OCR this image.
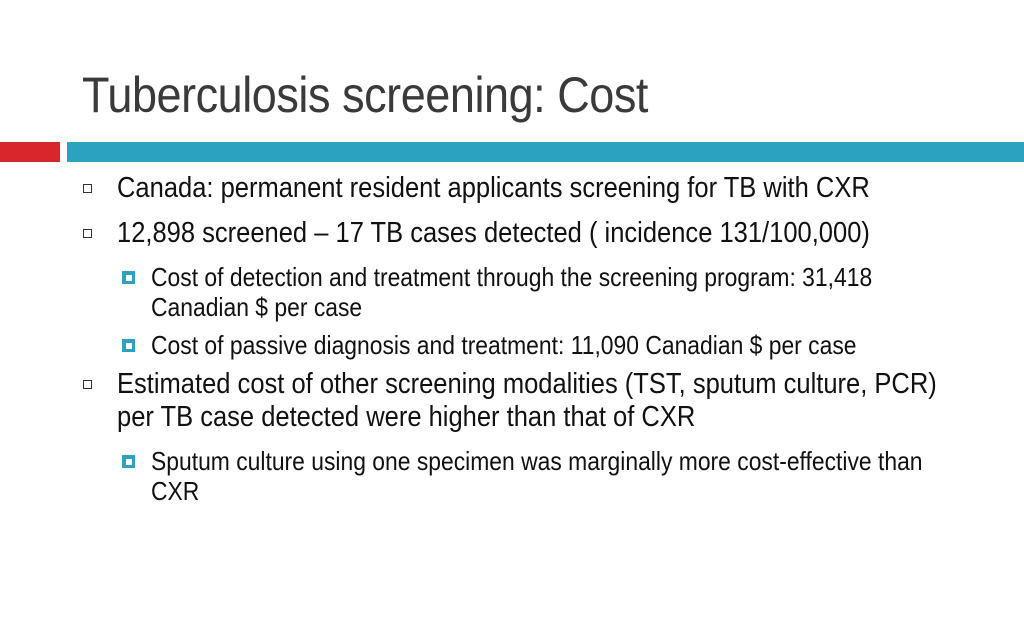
Tuberculosis screening: Cost
Canada: permanent resident applicants screening for TB with CXR
12,898 screened – 17 TB cases detected ( incidence 131/100,000)
Cost of detection and treatment through the screening program: 31,418 Canadian $ per case
Cost of passive diagnosis and treatment: 11,090 Canadian $ per case
Estimated cost of other screening modalities (TST, sputum culture, PCR) per TB case detected were higher than that of CXR
Sputum culture using one specimen was marginally more cost-effective than CXR
